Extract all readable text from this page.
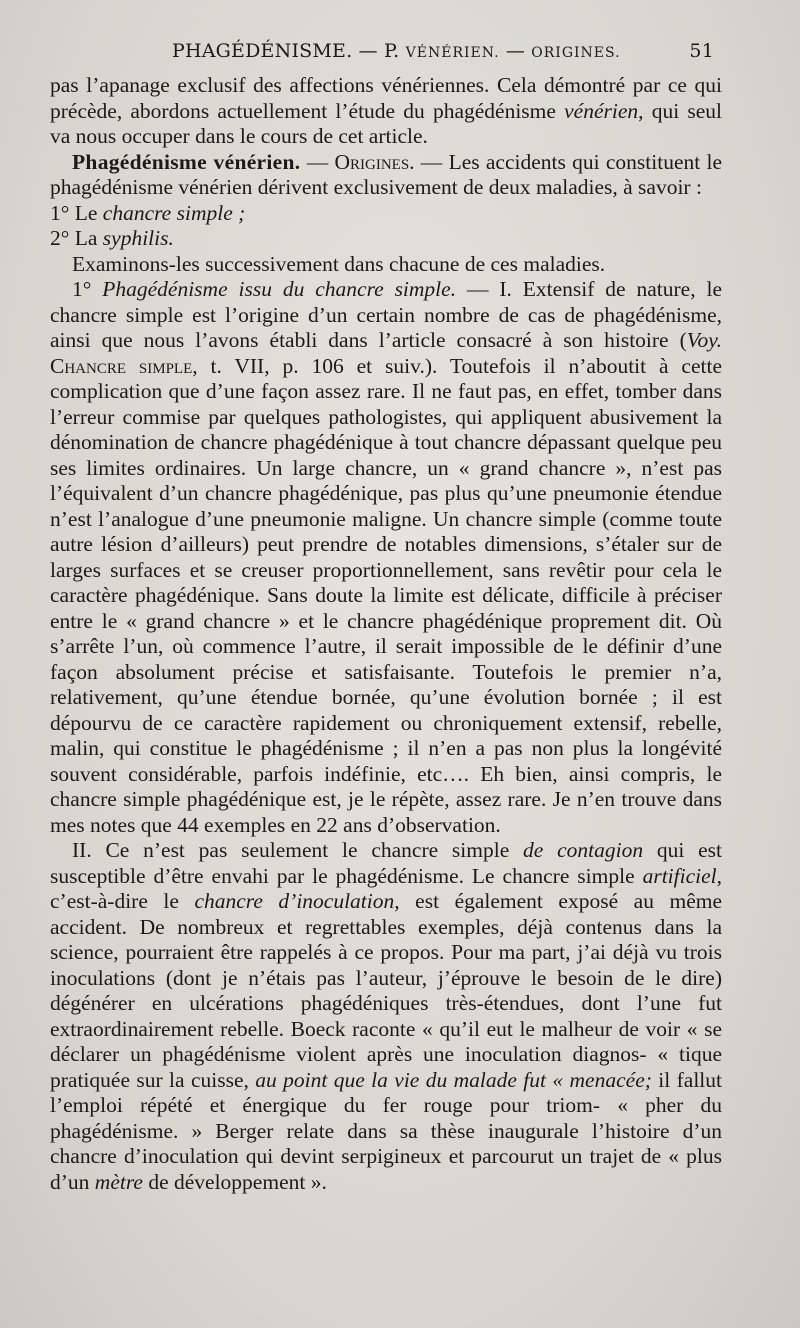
PHAGÉDÉNISME. — P. VÉNÉRIEN. — ORIGINES.	51

pas l’apanage exclusif des affections vénériennes. Cela démontré par ce qui précède, abordons actuellement l’étude du phagédénisme vénérien, qui seul va nous occuper dans le cours de cet article.

Phagédénisme vénérien. — Origines. — Les accidents qui constituent le phagédénisme vénérien dérivent exclusivement de deux maladies, à savoir :

1° Le chancre simple ;

2° La syphilis.

Examinons-les successivement dans chacune de ces maladies.

1° Phagédénisme issu du chancre simple. — I. Extensif de nature, le chancre simple est l’origine d’un certain nombre de cas de phagédénisme, ainsi que nous l’avons établi dans l’article consacré à son histoire (Voy. Chancre simple, t. VII, p. 106 et suiv.). Toutefois il n’aboutit à cette complication que d’une façon assez rare. Il ne faut pas, en effet, tomber dans l’erreur commise par quelques pathologistes, qui appliquent abusivement la dénomination de chancre phagédénique à tout chancre dépassant quelque peu ses limites ordinaires. Un large chancre, un « grand chancre », n’est pas l’équivalent d’un chancre phagédénique, pas plus qu’une pneumonie étendue n’est l’analogue d’une pneumonie maligne. Un chancre simple (comme toute autre lésion d’ailleurs) peut prendre de notables dimensions, s’étaler sur de larges surfaces et se creuser proportionnellement, sans revêtir pour cela le caractère phagédénique. Sans doute la limite est délicate, difficile à préciser entre le « grand chancre » et le chancre phagédénique proprement dit. Où s’arrête l’un, où commence l’autre, il serait impossible de le définir d’une façon absolument précise et satisfaisante. Toutefois le premier n’a, relativement, qu’une étendue bornée, qu’une évolution bornée ; il est dépourvu de ce caractère rapidement ou chroniquement extensif, rebelle, malin, qui constitue le phagédénisme ; il n’en a pas non plus la longévité souvent considérable, parfois indéfinie, etc…. Eh bien, ainsi compris, le chancre simple phagédénique est, je le répète, assez rare. Je n’en trouve dans mes notes que 44 exemples en 22 ans d’observation.

II. Ce n’est pas seulement le chancre simple de contagion qui est susceptible d’être envahi par le phagédénisme. Le chancre simple artificiel, c’est-à-dire le chancre d’inoculation, est également exposé au même accident. De nombreux et regrettables exemples, déjà contenus dans la science, pourraient être rappelés à ce propos. Pour ma part, j’ai déjà vu trois inoculations (dont je n’étais pas l’auteur, j’éprouve le besoin de le dire) dégénérer en ulcérations phagédéniques très-étendues, dont l’une fut extraordinairement rebelle. Boeck raconte « qu’il eut le malheur de voir « se déclarer un phagédénisme violent après une inoculation diagnos- « tique pratiquée sur la cuisse, au point que la vie du malade fut « menacée; il fallut l’emploi répété et énergique du fer rouge pour triom- « pher du phagédénisme. » Berger relate dans sa thèse inaugurale l’histoire d’un chancre d’inoculation qui devint serpigineux et parcourut un trajet de « plus d’un mètre de développement ».
